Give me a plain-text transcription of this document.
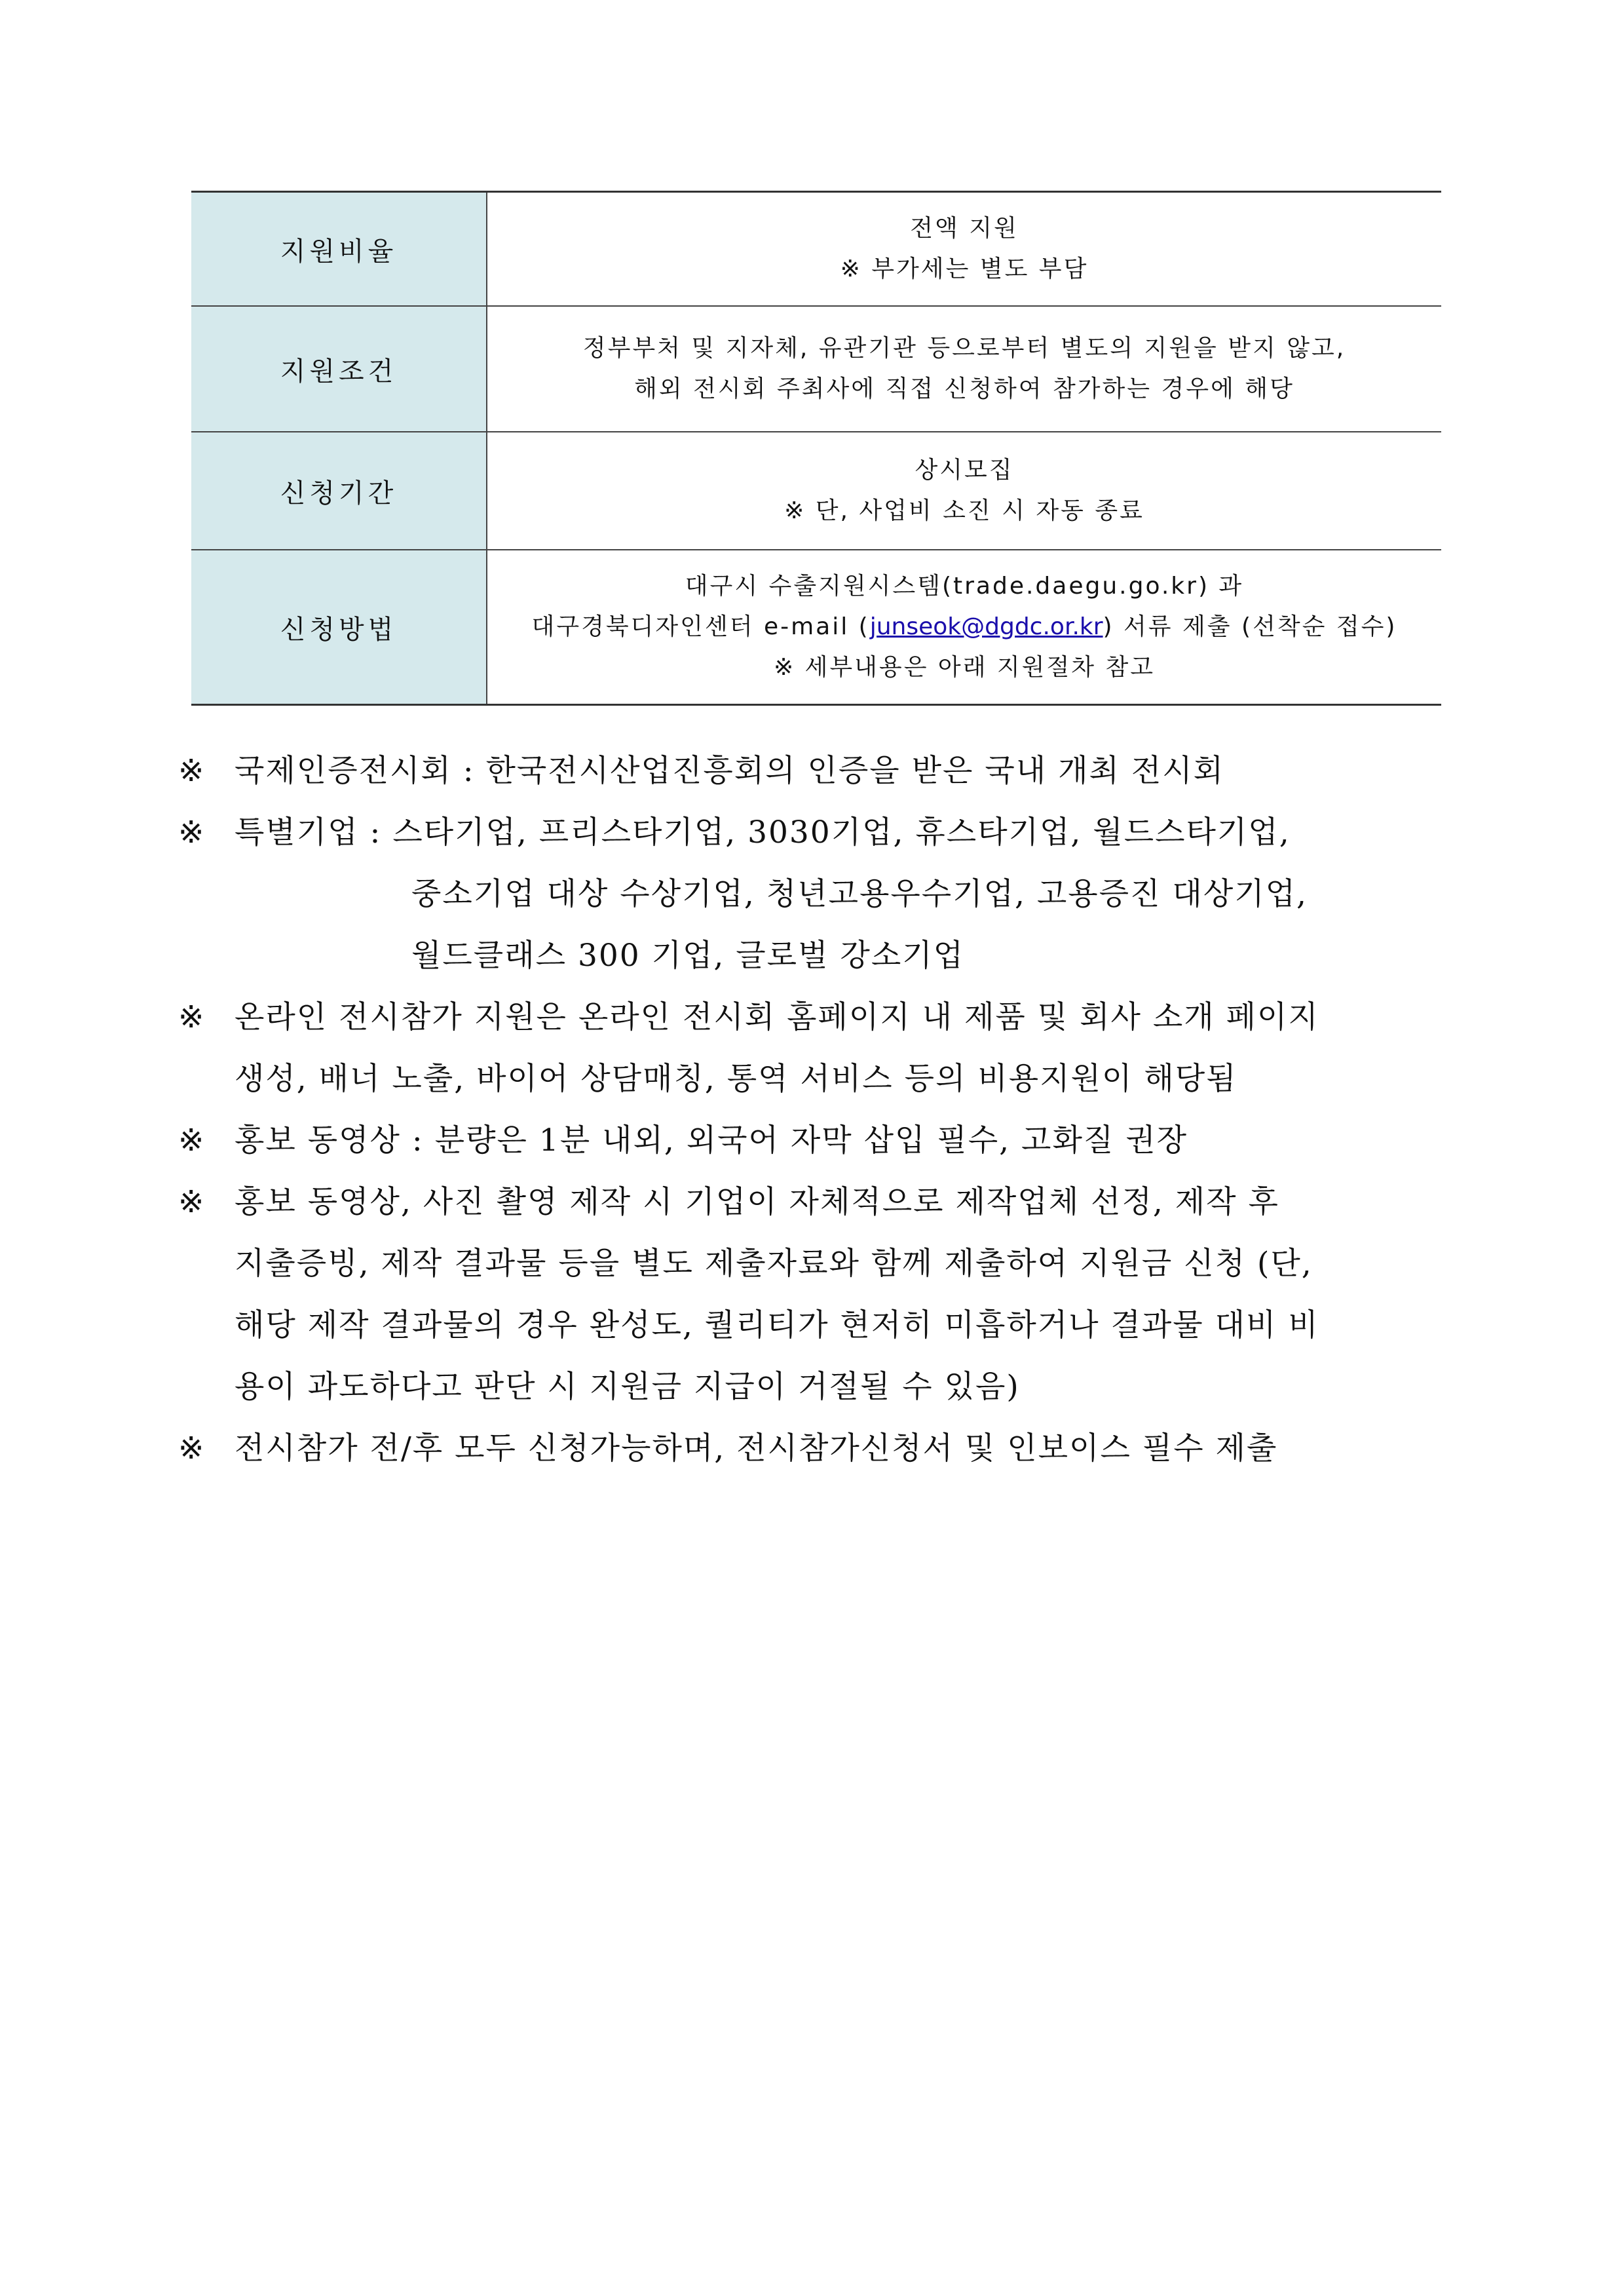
지원비율	전액 지원
※ 부가세는 별도 부담

지원조건	정부부처 및 지자체, 유관기관 등으로부터 별도의 지원을 받지 않고,
해외 전시회 주최사에 직접 신청하여 참가하는 경우에 해당

신청기간	상시모집
※ 단, 사업비 소진 시 자동 종료

신청방법	대구시 수출지원시스템(trade.daegu.go.kr) 과
대구경북디자인센터 e-mail (junseok@dgdc.or.kr) 서류 제출 (선착순 접수)
※ 세부내용은 아래 지원절차 참고
※ 국제인증전시회 : 한국전시산업진흥회의 인증을 받은 국내 개최 전시회
※ 특별기업 : 스타기업, 프리스타기업, 3030기업, 휴스타기업, 월드스타기업,
중소기업 대상 수상기업, 청년고용우수기업, 고용증진 대상기업,
월드클래스 300 기업, 글로벌 강소기업
※ 온라인 전시참가 지원은 온라인 전시회 홈페이지 내 제품 및 회사 소개 페이지
생성, 배너 노출, 바이어 상담매칭, 통역 서비스 등의 비용지원이 해당됨
※ 홍보 동영상 : 분량은 1분 내외, 외국어 자막 삽입 필수, 고화질 권장
※ 홍보 동영상, 사진 촬영 제작 시 기업이 자체적으로 제작업체 선정, 제작 후
지출증빙, 제작 결과물 등을 별도 제출자료와 함께 제출하여 지원금 신청 (단,
해당 제작 결과물의 경우 완성도, 퀄리티가 현저히 미흡하거나 결과물 대비 비
용이 과도하다고 판단 시 지원금 지급이 거절될 수 있음)
※ 전시참가 전/후 모두 신청가능하며, 전시참가신청서 및 인보이스 필수 제출
